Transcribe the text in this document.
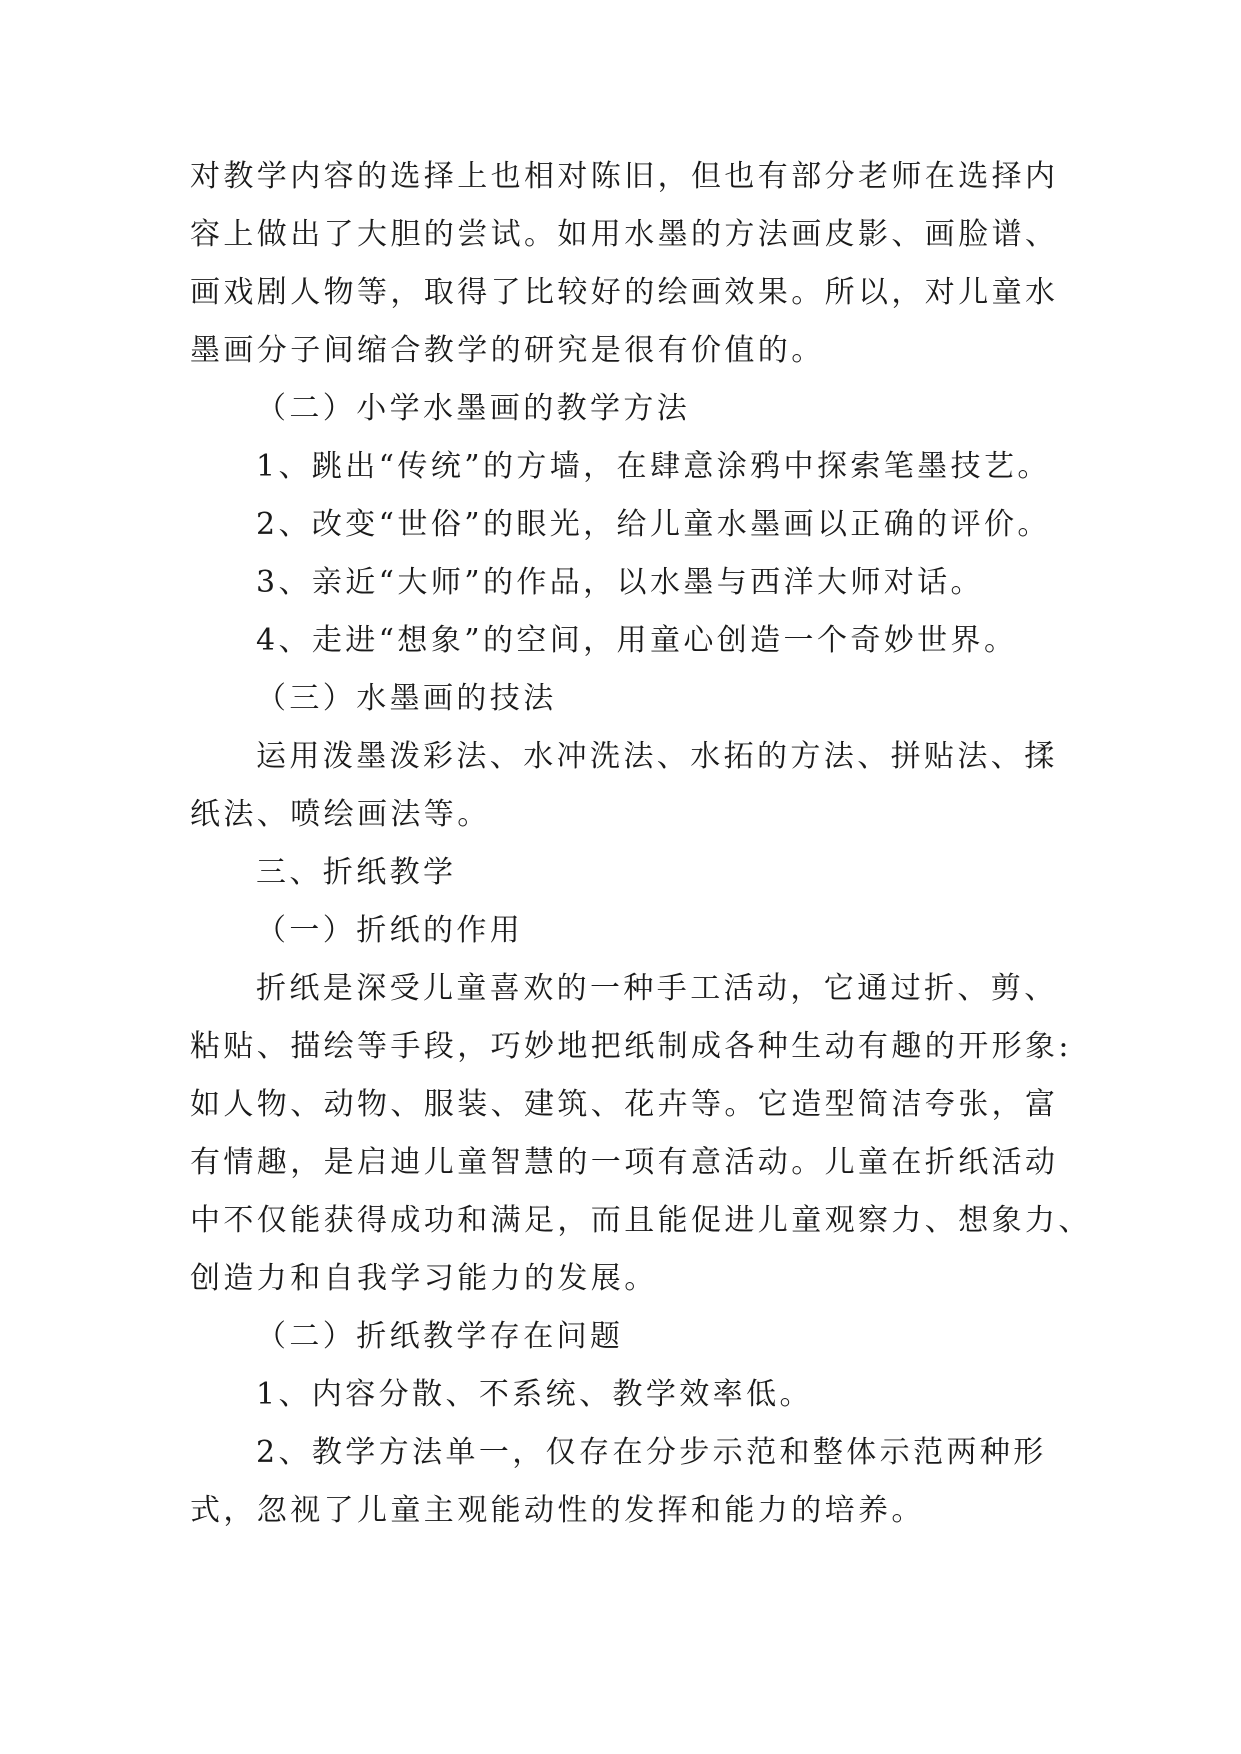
对教学内容的选择上也相对陈旧，但也有部分老师在选择内
容上做出了大胆的尝试。如用水墨的方法画皮影、画脸谱、
画戏剧人物等，取得了比较好的绘画效果。所以，对儿童水
墨画分子间缩合教学的研究是很有价值的。
（二）小学水墨画的教学方法
1、跳出“传统”的方墙，在肆意涂鸦中探索笔墨技艺。
2、改变“世俗”的眼光，给儿童水墨画以正确的评价。
3、亲近“大师”的作品，以水墨与西洋大师对话。
4、走进“想象”的空间，用童心创造一个奇妙世界。
（三）水墨画的技法
运用泼墨泼彩法、水冲洗法、水拓的方法、拼贴法、揉
纸法、喷绘画法等。
三、折纸教学
（一）折纸的作用
折纸是深受儿童喜欢的一种手工活动，它通过折、剪、
粘贴、描绘等手段，巧妙地把纸制成各种生动有趣的开形象:
如人物、动物、服装、建筑、花卉等。它造型简洁夸张，富
有情趣，是启迪儿童智慧的一项有意活动。儿童在折纸活动
中不仅能获得成功和满足，而且能促进儿童观察力、想象力、
创造力和自我学习能力的发展。
（二）折纸教学存在问题
1、内容分散、不系统、教学效率低。
2、教学方法单一，仅存在分步示范和整体示范两种形
式，忽视了儿童主观能动性的发挥和能力的培养。
